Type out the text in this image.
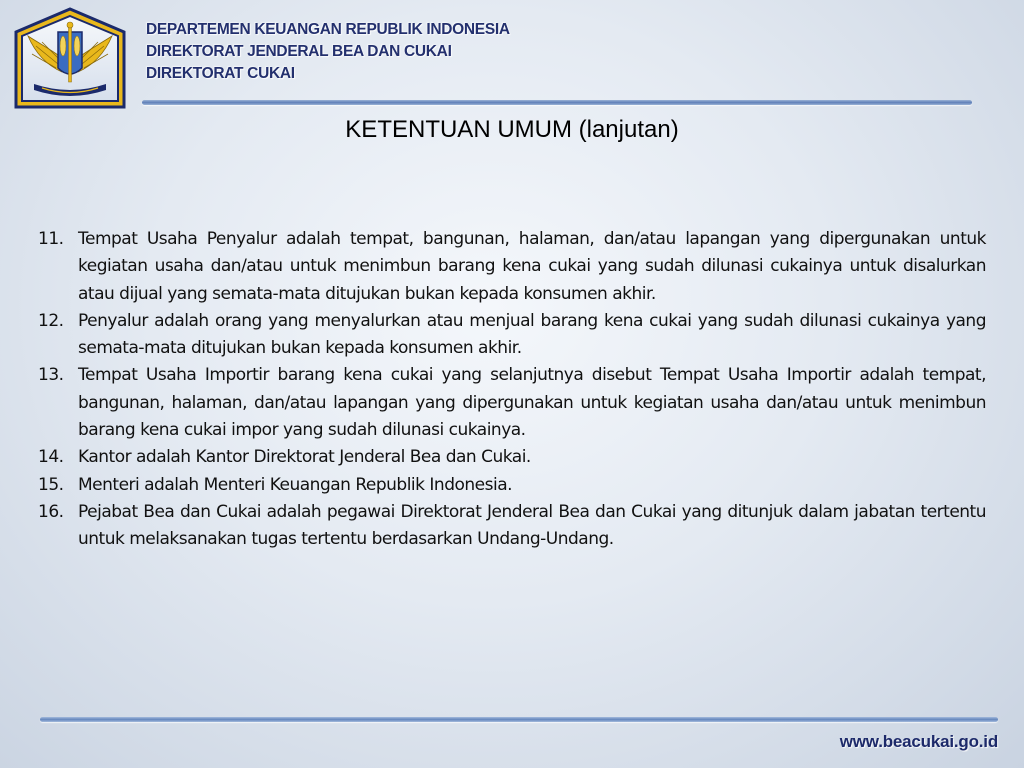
DEPARTEMEN KEUANGAN REPUBLIK INDONESIA
DIREKTORAT JENDERAL BEA DAN CUKAI
DIREKTORAT CUKAI
KETENTUAN UMUM (lanjutan)
11. Tempat Usaha Penyalur adalah tempat, bangunan, halaman, dan/atau lapangan yang dipergunakan untuk kegiatan usaha dan/atau untuk menimbun barang kena cukai yang sudah dilunasi cukainya untuk disalurkan atau dijual yang semata-mata ditujukan bukan kepada konsumen akhir.
12. Penyalur adalah orang yang menyalurkan atau menjual barang kena cukai yang sudah dilunasi cukainya yang semata-mata ditujukan bukan kepada konsumen akhir.
13. Tempat Usaha Importir barang kena cukai yang selanjutnya disebut Tempat Usaha Importir adalah tempat, bangunan, halaman, dan/atau lapangan yang dipergunakan untuk kegiatan usaha dan/atau untuk menimbun barang kena cukai impor yang sudah dilunasi cukainya.
14. Kantor adalah Kantor Direktorat Jenderal Bea dan Cukai.
15. Menteri adalah Menteri Keuangan Republik Indonesia.
16. Pejabat Bea dan Cukai adalah pegawai Direktorat Jenderal Bea dan Cukai yang ditunjuk dalam jabatan tertentu untuk melaksanakan tugas tertentu berdasarkan Undang-Undang.
www.beacukai.go.id
